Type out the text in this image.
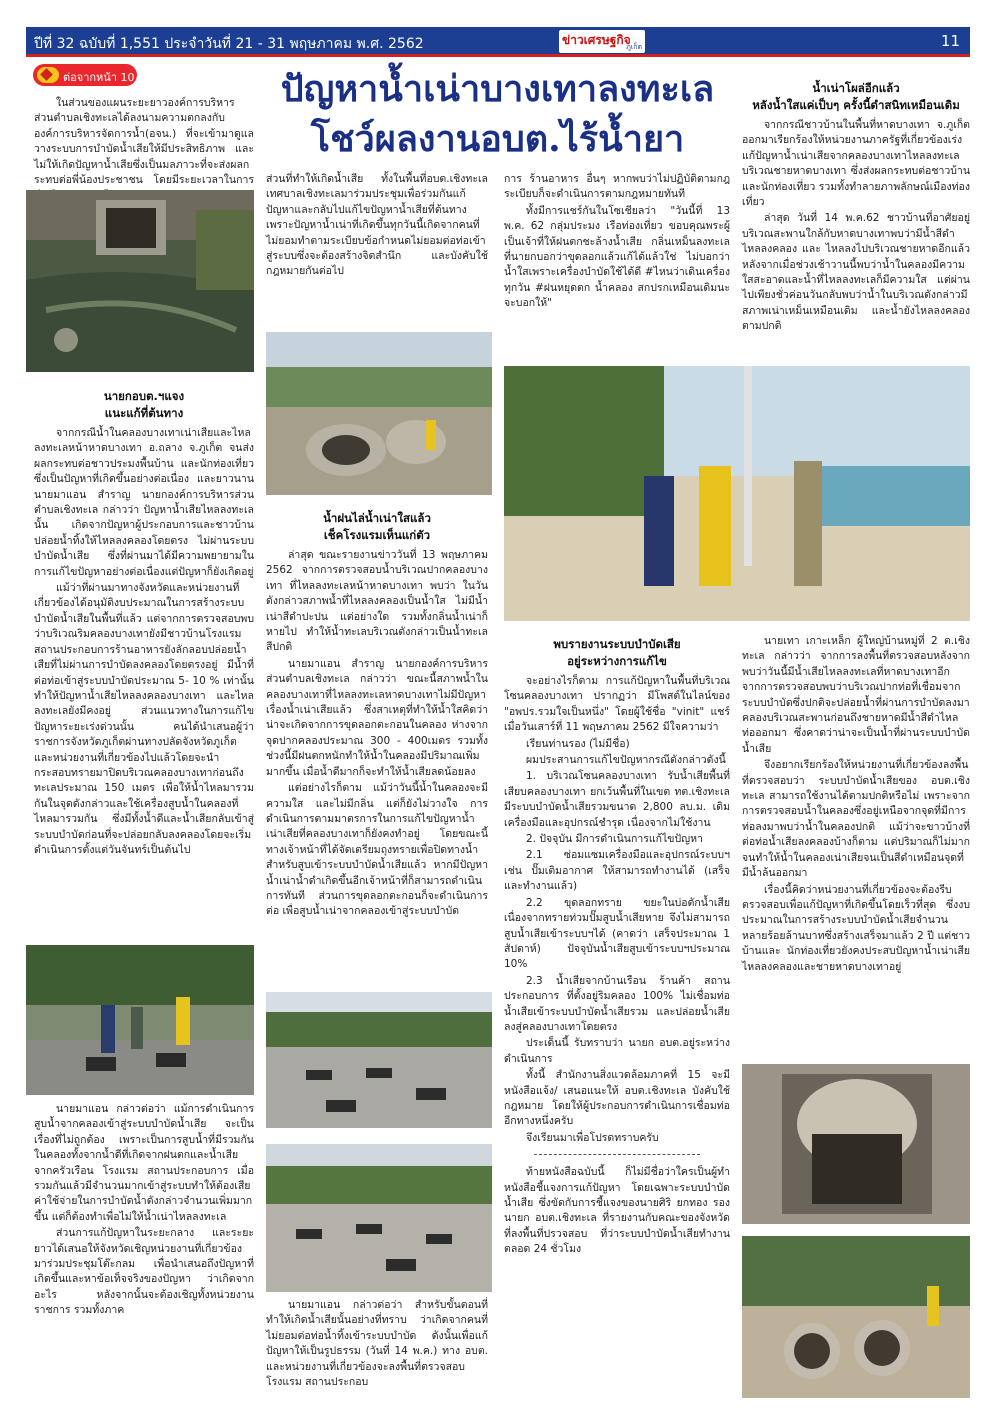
ปีที่ 32 ฉบับที่ 1,551 ประจำวันที่ 21 - 31 พฤษภาคม พ.ศ. 2562	ข่าวเศรษฐกิจ
ภูเก็ต	11
ต่อจากหน้า 10	ปัญหาน้ำเน่าบางเทาลงทะเล
โชว์ผลงานอบต.ไร้น้ำยา

ในส่วนของแผนระยะยาวองค์การบริหารส่วนตำบลเชิงทะเลได้ลงนามความตกลงกับ องค์การบริหารจัดการน้ำ(อจน.) ที่จะเข้ามาดูแลวางระบบการบำบัดน้ำเสียให้มีประสิทธิภาพ และไม่ให้เกิดปัญหาน้ำเสียซึ่งเป็นมลภาวะที่จะส่งผลกระทบต่อพี่น้องประชาชน โดยมีระยะเวลาในการ

นายกอบต.ฯแจง
แนะแก้ที่ต้นทาง

จากกรณีน้ำในคลองบางเทาเน่าเสียและไหลลงทะเลหน้าหาดบางเทา อ.ถลาง จ.ภูเก็ต จนส่งผลกระทบต่อชาวประมงพื้นบ้าน และนักท่องเที่ยวซึ่งเป็นปัญหาที่เกิดขึ้นอย่างต่อเนื่อง และยาวนาน นายมาแอน สำราญ นายกองค์การบริหารส่วนตำบลเชิงทะเล กล่าวว่า ปัญหาน้ำเสียไหลลงทะเลนั้น เกิดจากปัญหาผู้ประกอบการและชาวบ้านปล่อยน้ำทิ้งให้ไหลลงคลองโดยตรง ไม่ผ่านระบบบำบัดน้ำเสีย ซึ่งที่ผ่านมาได้มีความพยายามในการแก้ไขปัญหาอย่างต่อเนื่องแต่ปัญหาก็ยังเกิดอยู่

แม้ว่าที่ผ่านมาทางจังหวัดและหน่วยงานที่เกี่ยวข้องได้อนุมัติงบประมาณในการสร้างระบบบำบัดน้ำเสียในพื้นที่แล้ว แต่จากการตรวจสอบพบว่าบริเวณริมคลองบางเทายังมีชาวบ้านโรงแรมสถานประกอบการร้านอาหารยังลักลอบปล่อยน้ำเสียที่ไม่ผ่านการบำบัดลงคลองโดยตรงอยู่ มีน้ำที่ต่อท่อเข้าสู่ระบบบำบัดประมาณ 5- 10 % เท่านั้นทำให้ปัญหาน้ำเสียไหลลงคลองบางเทา และไหลลงทะเลยังมีคงอยู่ ส่วนแนวทางในการแก้ไขปัญหาระยะเร่งด่วนนั้น คนได้นำเสนอผู้ว่าราชการจังหวัดภูเก็ตผ่านทางปลัดจังหวัดภูเก็ต และหน่วยงานที่เกี่ยวข้องไปแล้วโดยจะนำกระสอบทรายมาปิดบริเวณคลองบางเทาก่อนถึงทะเลประมาณ 150 เมตร เพื่อให้น้ำไหลมารวมกันในจุดดังกล่าวและใช้เครื่องสูบน้ำในคลองที่ไหลมารวมกัน ซึ่งมีทั้งน้ำดีและน้ำเสียกลับเข้าสู่ระบบบำบัดก่อนที่จะปล่อยกลับลงคลองโดยจะเริ่มดำเนินการตั้งแต่วันจันทร์เป็นต้นไป

นายมาแอน กล่าวต่อว่า แม้การดำเนินการสูบน้ำจากคลองเข้าสู่ระบบบำบัดน้ำเสีย จะเป็นเรื่องที่ไม่ถูกต้อง เพราะเป็นการสูบน้ำที่มีรวมกันในคลองทั้งจากน้ำดีที่เกิดจากฝนตกและน้ำเสียจากครัวเรือน โรงแรม สถานประกอบการ เมื่อรวมกันแล้วมีจำนวนมากเข้าสู่ระบบทำให้ต้องเสียค่าใช้จ่ายในการบำบัดน้ำดังกล่าวจำนวนเพิ่มมากขึ้น แต่ก็ต้องทำเพื่อไม่ให้น้ำเน่าไหลลงทะเล

ส่วนการแก้ปัญหาในระยะกลาง และระยะยาวได้เสนอให้จังหวัดเชิญหน่วยงานที่เกี่ยวข้องมาร่วมประชุมโต๊ะกลม เพื่อนำเสนอถึงปัญหาที่เกิดขึ้นและหาข้อเท็จจริงของปัญหา ว่าเกิดจากอะไร หลังจากนั้นจะต้องเชิญทั้งหน่วยงานราชการ รวมทั้งภาค

ส่วนที่ทำให้เกิดน้ำเสีย ทั้งในพื้นที่อบต.เชิงทะเลเทศบาลเชิงทะเลมาร่วมประชุมเพื่อร่วมกันแก้ปัญหาและกลับไปแก้ไขปัญหาน้ำเสียที่ต้นทาง เพราะปัญหาน้ำเน่าที่เกิดขึ้นทุกวันนี้เกิดจากคนที่ไม่ยอมทำตามระเบียบข้อกำหนดไม่ยอมต่อท่อเข้าสู่ระบบซึ่งจะต้องสร้างจิตสำนึก และบังคับใช้กฎหมายกันต่อไป

น้ำฝนไล่น้ำเน่าใสแล้ว
เช็คโรงแรมเห็นแก่ตัว

ล่าสุด ขณะรายงานข่าววันที่ 13 พฤษภาคม 2562 จากการตรวจสอบน้ำบริเวณปากคลองบางเทา ที่ไหลลงทะเลหน้าหาดบางเทา พบว่า ในวันดังกล่าวสภาพน้ำที่ไหลลงคลองเป็นน้ำใส ไม่มีน้ำเน่าสีดำปะปน แต่อย่างใด รวมทั้งกลิ่นน้ำเน่าก็หายไป ทำให้น้ำทะเลบริเวณดังกล่าวเป็นน้ำทะเลสีปกติ

นายมาแอน สำราญ นายกองค์การบริหารส่วนตำบลเชิงทะเล กล่าวว่า ขณะนี้สภาพน้ำในคลองบางเทาที่ไหลลงทะเลหาดบางเทาไม่มีปัญหาเรื่องน้ำเน่าเสียแล้ว ซึ่งสาเหตุที่ทำให้น้ำใสคิดว่า น่าจะเกิดจากการขุดลอกตะกอนในคลอง ห่างจากจุดปากคลองประมาณ 300 - 400เมตร รวมทั้งช่วงนี้มีฝนตกหนักทำให้น้ำในคลองมีปริมาณเพิ่มมากขึ้น เมื่อน้ำดีมากก็จะทำให้น้ำเสียลดน้อยลง

แต่อย่างไรก็ตาม แม้ว่าวันนี้น้ำในคลองจะมีความใส และไม่มีกลิ่น แต่ก็ยังไม่วางใจ การดำเนินการตามมาตรการในการแก้ไขปัญหาน้ำเน่าเสียที่คลองบางเทาก็ยังคงทำอยู่ โดยขณะนี้ทางเจ้าหน้าที่ได้จัดเตรียมถุงทรายเพื่อปิดทางน้ำสำหรับสูบเข้าระบบบำบัดน้ำเสียแล้ว หากมีปัญหาน้ำเน่าน้ำดำเกิดขึ้นอีกเจ้าหน้าที่ก็สามารถดำเนินการทันที ส่วนการขุดลอกตะกอนก็จะดำเนินการต่อ เพื่อสูบน้ำเน่าจากคลองเข้าสู่ระบบบำบัด

นายมาแอน กล่าวต่อว่า สำหรับขั้นตอนที่ทำให้เกิดน้ำเสียนั้นอย่างที่ทราบ ว่าเกิดจากคนที่ไม่ยอมต่อท่อน้ำทิ้งเข้าระบบบำบัด ดังนั้นเพื่อแก้ปัญหาให้เป็นรูปธรรม (วันที่ 14 พ.ค.) ทาง อบต. และหน่วยงานที่เกี่ยวข้องจะลงพื้นที่ตรวจสอบโรงแรม สถานประกอบ

การ ร้านอาหาร อื่นๆ หากพบว่าไม่ปฏิบัติตามกฎระเบียบก็จะดำเนินการตามกฎหมายทันที

ทั้งมีการแชร์กันในโซเชียลว่า "วันนี้ที่ 13 พ.ค. 62 กลุ่มประมง เรือท่องเที่ยว ขอบคุณพระผู้เป็นเจ้าที่ให้ฝนตกชะล้างน้ำเสีย กลิ่นเหม็นลงทะเล ที่นายกบอกว่าขุดลอกแล้วแก้ได้แล้วใช่ ไม่บอกว่า น้ำใสเพราะเครื่องบำบัดใช้ได้ดี #ไหนว่าเดินเครื่องทุกวัน #ฝนหยุดตก น้ำคลอง สกปรกเหมือนเดิมนะ จะบอกให้"

น้ำเน่าโผล่อีกแล้ว
หลังน้ำใสแค่เป็บๆ ครั้งนี้ดำสนิทเหมือนเดิม

จากกรณีชาวบ้านในพื้นที่หาดบางเทา จ.ภูเก็ต ออกมาเรียกร้องให้หน่วยงานภาครัฐที่เกี่ยวข้องเร่งแก้ปัญหาน้ำเน่าเสียจากคลองบางเทาไหลลงทะเลบริเวณชายหาดบางเทา ซึ่งส่งผลกระทบต่อชาวบ้านและนักท่องเที่ยว รวมทั้งทำลายภาพลักษณ์เมืองท่องเที่ยว

ล่าสุด วันที่ 14 พ.ค.62 ชาวบ้านที่อาศัยอยู่บริเวณสะพานใกล้กับหาดบางเทาพบว่ามีน้ำสีดำไหลลงคลอง และ ไหลลงไปบริเวณชายหาดอีกแล้ว หลังจากเมื่อช่วงเช้าวานนี้พบว่าน้ำในคลองมีความใสสะอาดและน้ำที่ไหลลงทะเลก็มีความใส แต่ผ่านไปเพียงชั่วค่อนวันกลับพบว่าน้ำในบริเวณดังกล่าวมีสภาพเน่าเหม็นเหมือนเดิม และน้ำยังไหลลงคลองตามปกติ

พบรายงานระบบบำบัดเสีย
อยู่ระหว่างการแก้ไข

จะอย่างไรก็ตาม การแก้ปัญหาในพื้นที่บริเวณโซนคลองบางเทา ปรากฏว่า มีโพสต์ในไลน์ของ "อพปร.รวมใจเป็นหนึ่ง" โดยผู้ใช้ชื่อ "vinit" แชร์เมื่อวันเสาร์ที่ 11 พฤษภาคม 2562 มีใจความว่า

เรียนท่านรอง (ไม่มีชื่อ)

ผมประสานการแก้ไขปัญหากรณีดังกล่าวดังนี้

1. บริเวณโซนคลองบางเทา รับน้ำเสียพื้นที่เสียบคลองบางเทา ยกเว้นพื้นที่ในเขต ทต.เชิงทะเล มีระบบบำบัดน้ำเสียรวมขนาด 2,800 ลบ.ม. เดิมเครื่องมือและอุปกรณ์ชำรุด เนื่องจากไม่ใช้งาน

2. ปัจจุบัน มีการดำเนินการแก้ไขปัญหา

2.1 ซ่อมแซมเครื่องมือและอุปกรณ์ระบบฯ เช่น ปั๊มเติมอากาศ ให้สามารถทำงานได้ (เสร็จและทำงานแล้ว)

2.2 ขุดลอกทราย ขยะในบ่อดักน้ำเสีย เนื่องจากทรายท่วมปั๊มสูบน้ำเสียหาย จึงไม่สามารถสูบน้ำเสียเข้าระบบฯได้ (คาดว่า เสร็จประมาณ 1 สัปดาห์) ปัจจุบันน้ำเสียสูบเข้าระบบฯประมาณ 10%

2.3 น้ำเสียจากบ้านเรือน ร้านค้า สถานประกอบการ ที่ตั้งอยู่ริมคลอง 100% ไม่เชื่อมท่อน้ำเสียเข้าระบบบำบัดน้ำเสียรวม และปล่อยน้ำเสียลงสู่คลองบางเทาโดยตรง

ประเด็นนี้ รับทราบว่า นายก อบต.อยู่ระหว่างดำเนินการ

ทั้งนี้ สำนักงานสิ่งแวดล้อมภาคที่ 15 จะมีหนังสือแจ้ง/ เสนอแนะให้ อบต.เชิงทะเล บังคับใช้กฎหมาย โดยให้ผู้ประกอบการดำเนินการเชื่อมท่ออีกทางหนึ่งครับ

จึงเรียนมาเพื่อโปรดทราบครับ

ท้ายหนังสือฉบับนี้ ก็ไม่มีชื่อว่าใครเป็นผู้ทำหนังสือชี้แจงการแก้ปัญหา โดยเฉพาะระบบบำบัดน้ำเสีย ซึ่งขัดกับการชี้แจงของนายศิริ ยกทอง รองนายก อบต.เชิงทะเล ที่รายงานกับคณะของจังหวัดที่ลงพื้นที่ปรวจสอบ ที่ว่าระบบบำบัดน้ำเสียทำงานตลอด 24 ชั่วโมง

นายเทา เกาะเหล็ก ผู้ใหญ่บ้านหมู่ที่ 2 ต.เชิงทะเล กล่าวว่า จากการลงพื้นที่ตรวจสอบหลังจากพบว่าวันนี้มีน้ำเสียไหลลงทะเลที่หาดบางเทาอีก จากการตรวจสอบพบว่าบริเวณปากท่อที่เชื่อมจากระบบบำบัดซึ่งปกติจะปล่อยน้ำที่ผ่านการบำบัดลงมาคลองบริเวณสะพานก่อนถึงชายหาดมีน้ำสีดำไหลท่อออกมา ซึ่งคาดว่าน่าจะเป็นน้ำที่ผ่านระบบบำบัดน้ำเสีย

จึงอยากเรียกร้องให้หน่วยงานที่เกี่ยวข้องลงพื้นที่ตรวจสอบว่า ระบบบำบัดน้ำเสียของ อบต.เชิงทะเล สามารถใช้งานได้ตามปกติหรือไม่ เพราะจากการตรวจสอบน้ำในคลองซึ่งอยู่เหนือจากจุดที่มีการท่อลงมาพบว่าน้ำในคลองปกติ แม้ว่าจะขาวบ้างที่ต่อท่อน้ำเสียลงคลองบ้างก็ตาม แต่ปริมาณก็ไม่มากจนทำให้น้ำในคลองเน่าเสียจนเป็นสีดำเหมือนจุดที่มีน้ำล้นออกมา

เรื่องนี้คิดว่าหน่วยงานที่เกี่ยวข้องจะต้องรีบตรวจสอบเพื่อแก้ปัญหาที่เกิดขึ้นโดยเร็วที่สุด ซึ่งงบประมาณในการสร้างระบบบำบัดน้ำเสียจำนวนหลายร้อยล้านบาทซึ่งสร้างเสร็จมาแล้ว 2 ปี แต่ชาวบ้านและ นักท่องเที่ยวยังคงประสบปัญหาน้ำเน่าเสียไหลลงคลองและชายหาดบางเทาอยู่
